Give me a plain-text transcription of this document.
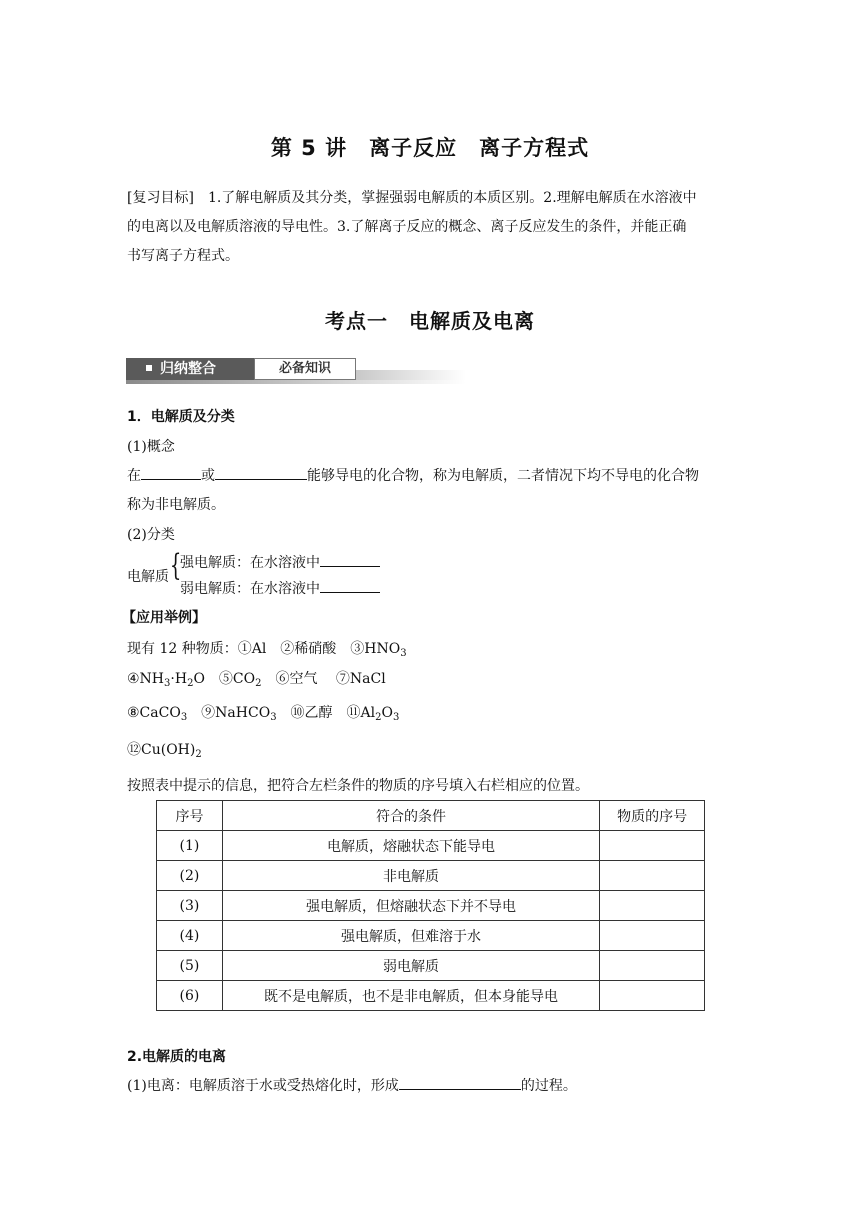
第 5 讲　离子反应　离子方程式
[复习目标]　 1.了解电解质及其分类，掌握强弱电解质的本质区别。2.理解电解质在水溶液中
的电离以及电解质溶液的导电性。3.了解离子反应的概念、离子反应发生的条件，并能正确
书写离子方程式。
考点一　电解质及电离
归纳整合	必备知识
1．电解质及分类
(1)概念
在	或	能够导电的化合物，称为电解质，二者情况下均不导电的化合物
称为非电解质。
(2)分类
电解质 {
强电解质：在水溶液中
弱电解质：在水溶液中
【应用举例】
现有 12 种物质：①Al　②稀硝酸　$③HNO_3$
$④NH_3\cdot H_2O$　$⑤CO_2$　⑥空气　 ⑦NaCl
⑧CaCO$_3$　⑨NaHCO$_3$　⑩乙醇　$⑪Al_2O_3$
$⑫Cu(OH)_2$
按照表中提示的信息，把符合左栏条件的物质的序号填入右栏相应的位置。
序号	符合的条件	物质的序号
(1)	电解质，熔融状态下能导电	
(2)	非电解质	
(3)	强电解质，但熔融状态下并不导电	
(4)	强电解质，但难溶于水	
(5)	弱电解质	
(6)	既不是电解质，也不是非电解质，但本身能导电	
2.电解质的电离
(1)电离：电解质溶于水或受热熔化时，形成	的过程。
